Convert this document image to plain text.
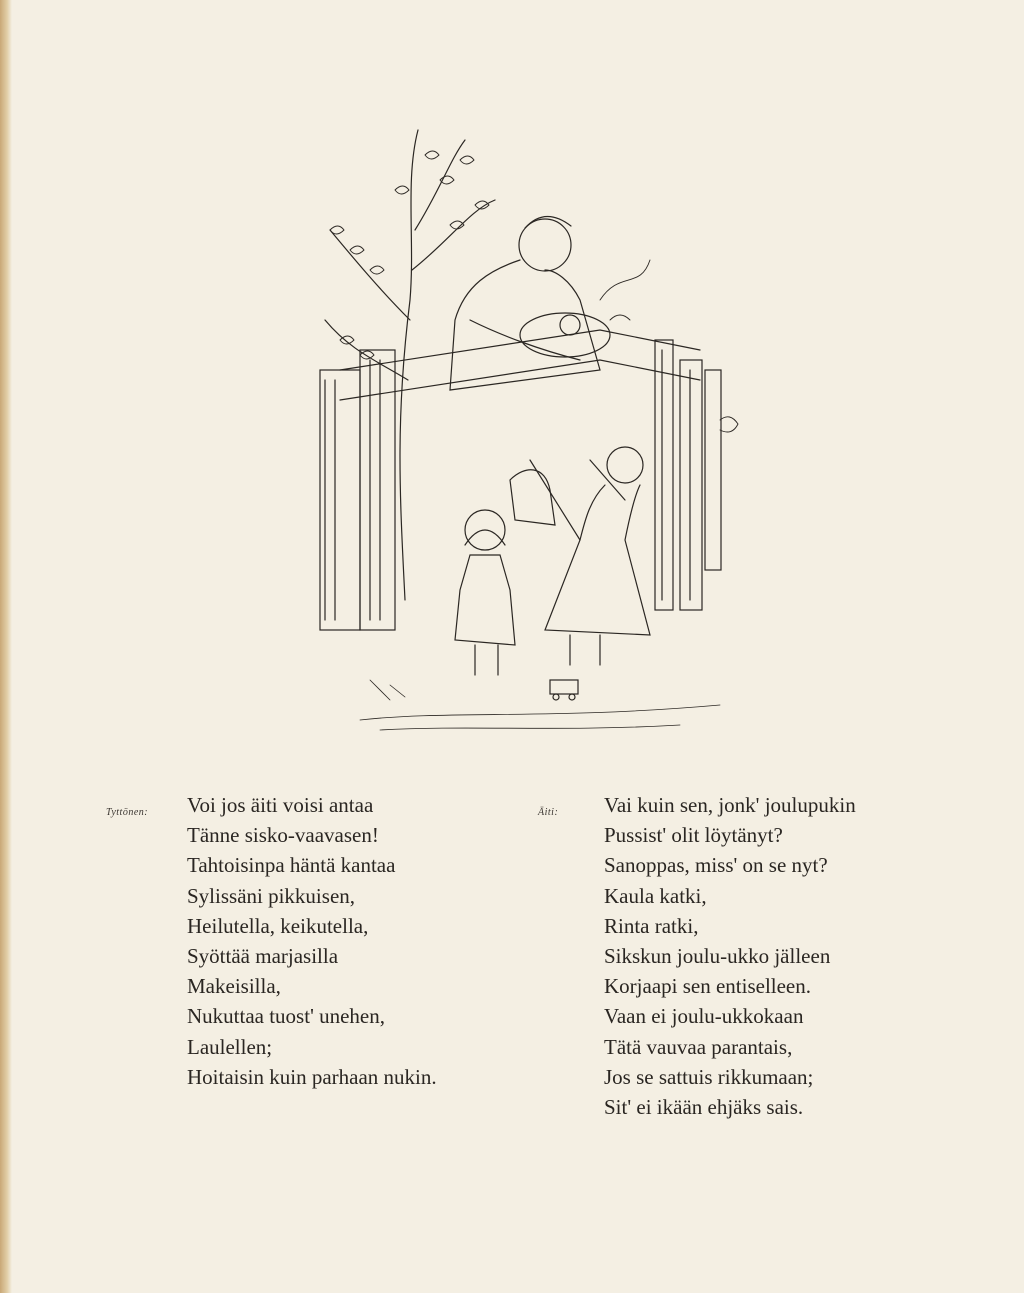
Tyttönen: Voi jos äiti voisi antaa
Tänne sisko-vaavasen!
Tahtoisinpa häntä kantaa
Sylissäni pikkuisen,
Heilutella, keikutella,
Syöttää marjasilla
Makeisilla,
Nukuttaa tuost' unehen,
Laulellen;
Hoitaisin kuin parhaan nukin.
Äiti: Vai kuin sen, jonk' joulupukin
Pussist' olit löytänyt?
Sanoppas, miss' on se nyt?
Kaula katki,
Rinta ratki,
Sikskun joulu-ukko jälleen
Korjaapi sen entiselleen.
Vaan ei joulu-ukkokaan
Tätä vauvaa parantais,
Jos se sattuis rikkumaan;
Sit' ei ikään ehjäks sais.
